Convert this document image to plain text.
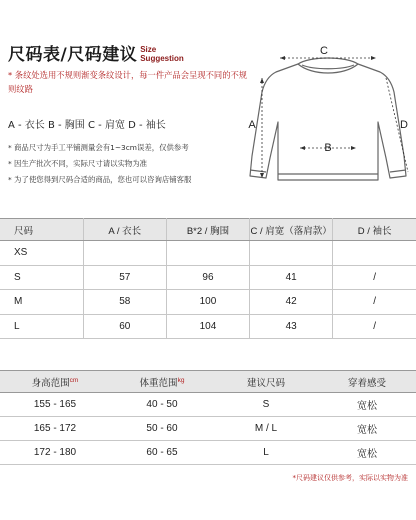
尺码表/尺码建议 Size
Suggestion
* 条纹处选用不规则渐变条纹设计，每一件产品会呈现不同的不规则纹路
A - 衣长 B - 胸围 C - 肩宽 D - 袖长
* 商品尺寸为手工平铺测量会有1~3cm误差，仅供参考
* 因生产批次不同，实际尺寸请以实物为准
* 为了使您得到尺码合适的商品，您也可以咨询店铺客服
C
B
A	D
尺码	A / 衣长	B*2 / 胸围	C / 肩宽（落肩款）	D / 袖长
XS				
S	57	96	41	/
M	58	100	42	/
L	60	104	43	/
身高范围$^{cm}$	体重范围$^{kg}$	建议尺码	穿着感受
155 - 165	40 - 50	S	宽松
165 - 172	50 - 60	M / L	宽松
172 - 180	60 - 65	L	宽松
*尺码建议仅供参考，实际以实物为准
